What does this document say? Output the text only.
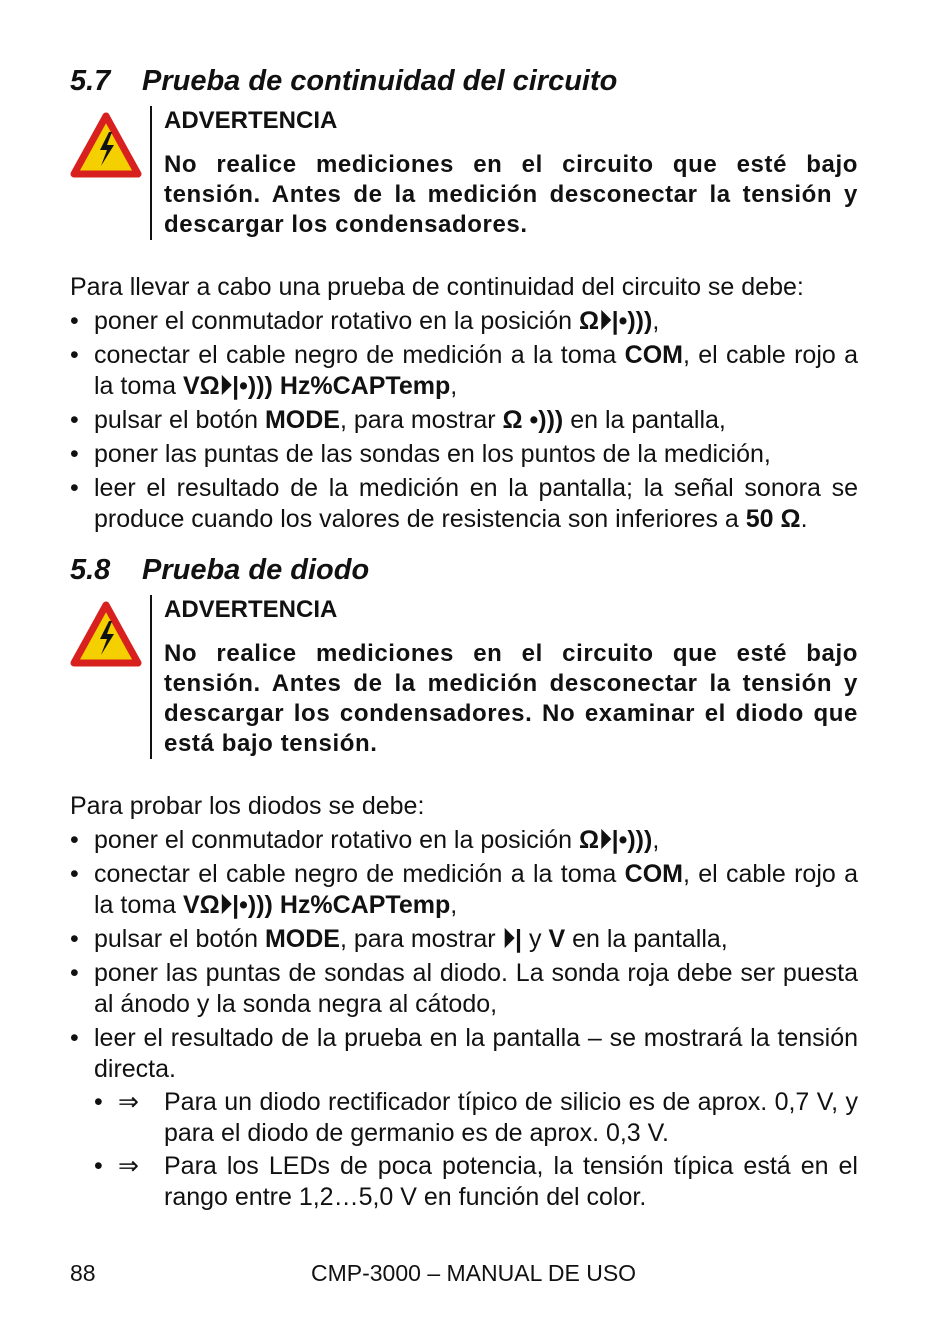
5.7 Prueba de continuidad del circuito
ADVERTENCIA
No realice mediciones en el circuito que esté bajo tensión. Antes de la medición desconectar la tensión y descargar los condensadores.
Para llevar a cabo una prueba de continuidad del circuito se debe:
• poner el conmutador rotativo en la posición Ω⏵|•))),
• conectar el cable negro de medición a la toma COM, el cable rojo a la toma VΩ⏵|•))) Hz%CAPTemp,
• pulsar el botón MODE, para mostrar Ω •))) en la pantalla,
• poner las puntas de las sondas en los puntos de la medición,
• leer el resultado de la medición en la pantalla; la señal sonora se produce cuando los valores de resistencia son inferiores a 50 Ω.
5.8 Prueba de diodo
ADVERTENCIA
No realice mediciones en el circuito que esté bajo tensión. Antes de la medición desconectar la tensión y descargar los condensadores. No examinar el diodo que está bajo tensión.
Para probar los diodos se debe:
• poner el conmutador rotativo en la posición Ω⏵|•))),
• conectar el cable negro de medición a la toma COM, el cable rojo a la toma VΩ⏵|•))) Hz%CAPTemp,
• pulsar el botón MODE, para mostrar ⏵| y V en la pantalla,
• poner las puntas de sondas al diodo. La sonda roja debe ser puesta al ánodo y la sonda negra al cátodo,
• leer el resultado de la prueba en la pantalla – se mostrará la tensión directa.
• ⇒ Para un diodo rectificador típico de silicio es de aprox. 0,7 V, y para el diodo de germanio es de aprox. 0,3 V.
• ⇒ Para los LEDs de poca potencia, la tensión típica está en el rango entre 1,2…5,0 V en función del color.
88	CMP-3000 – MANUAL DE USO
